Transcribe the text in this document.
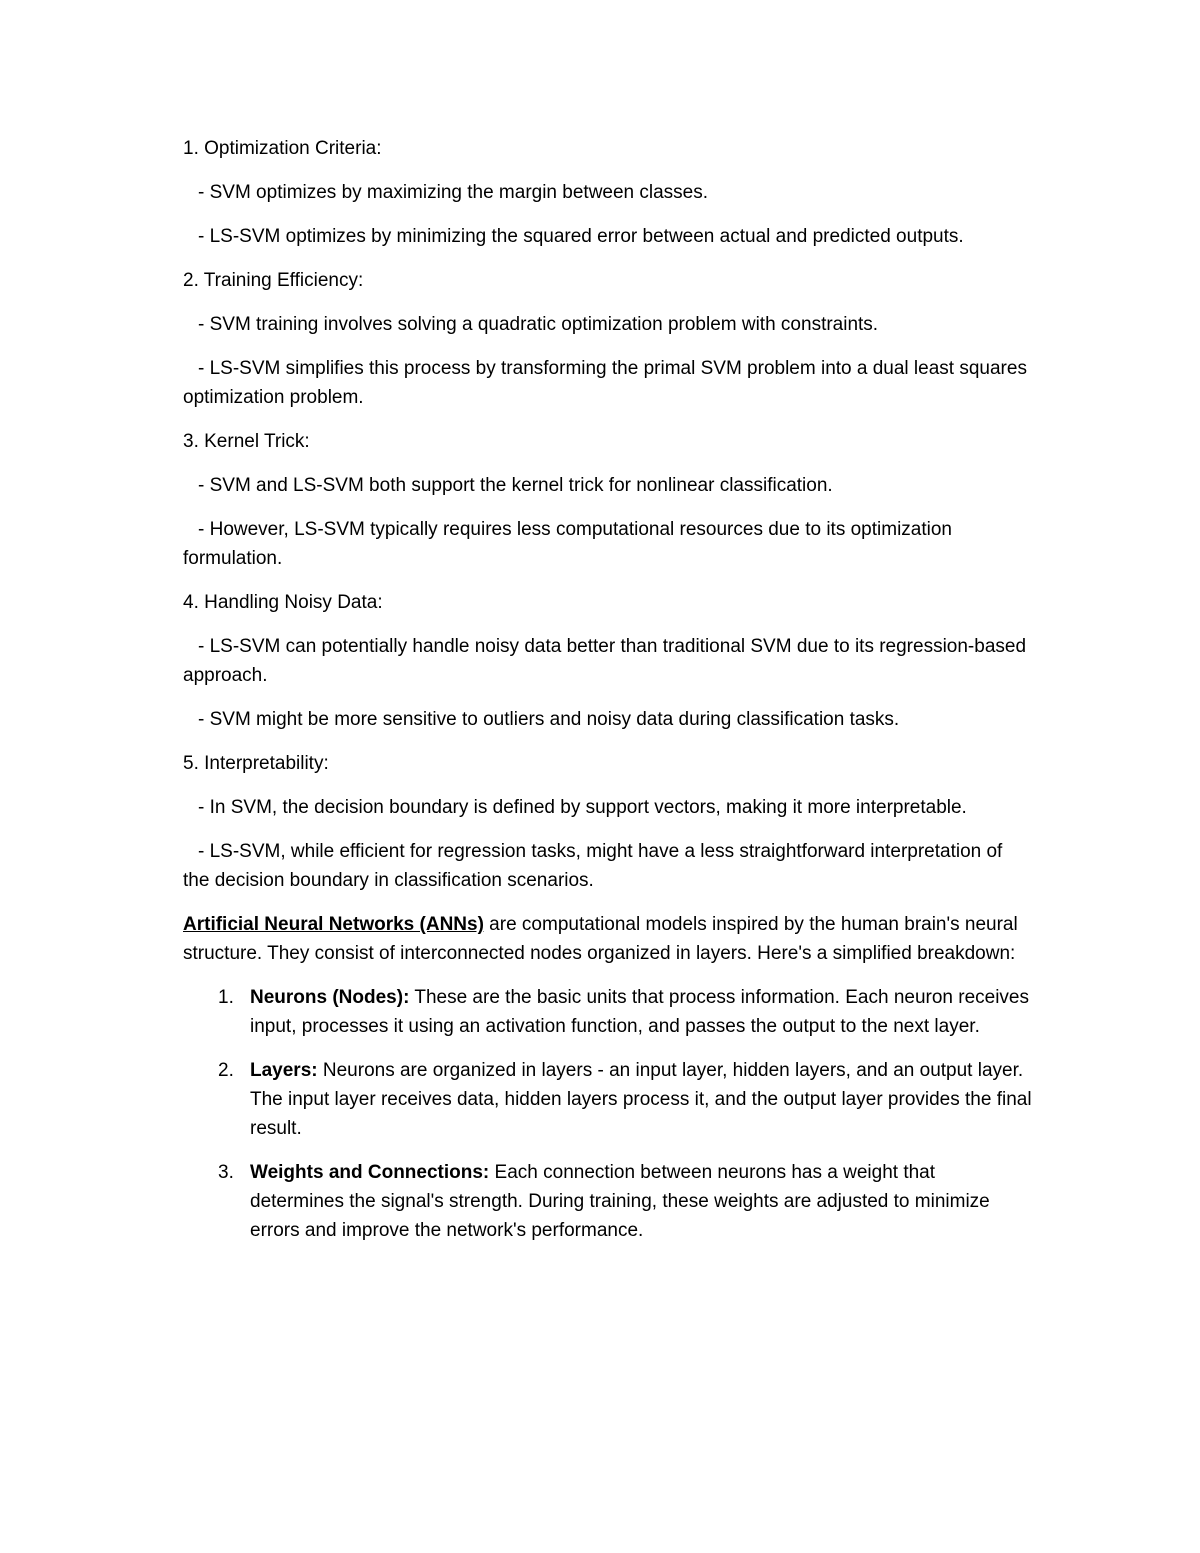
1. Optimization Criteria:

- SVM optimizes by maximizing the margin between classes.

- LS-SVM optimizes by minimizing the squared error between actual and predicted outputs.

2. Training Efficiency:

- SVM training involves solving a quadratic optimization problem with constraints.

- LS-SVM simplifies this process by transforming the primal SVM problem into a dual least squares optimization problem.

3. Kernel Trick:

- SVM and LS-SVM both support the kernel trick for nonlinear classification.

- However, LS-SVM typically requires less computational resources due to its optimization formulation.

4. Handling Noisy Data:

- LS-SVM can potentially handle noisy data better than traditional SVM due to its regression-based approach.

- SVM might be more sensitive to outliers and noisy data during classification tasks.

5. Interpretability:

- In SVM, the decision boundary is defined by support vectors, making it more interpretable.

- LS-SVM, while efficient for regression tasks, might have a less straightforward interpretation of the decision boundary in classification scenarios.

Artificial Neural Networks (ANNs) are computational models inspired by the human brain's neural structure. They consist of interconnected nodes organized in layers. Here's a simplified breakdown:

1. Neurons (Nodes): These are the basic units that process information. Each neuron receives input, processes it using an activation function, and passes the output to the next layer.
2. Layers: Neurons are organized in layers - an input layer, hidden layers, and an output layer. The input layer receives data, hidden layers process it, and the output layer provides the final result.
3. Weights and Connections: Each connection between neurons has a weight that determines the signal's strength. During training, these weights are adjusted to minimize errors and improve the network's performance.
